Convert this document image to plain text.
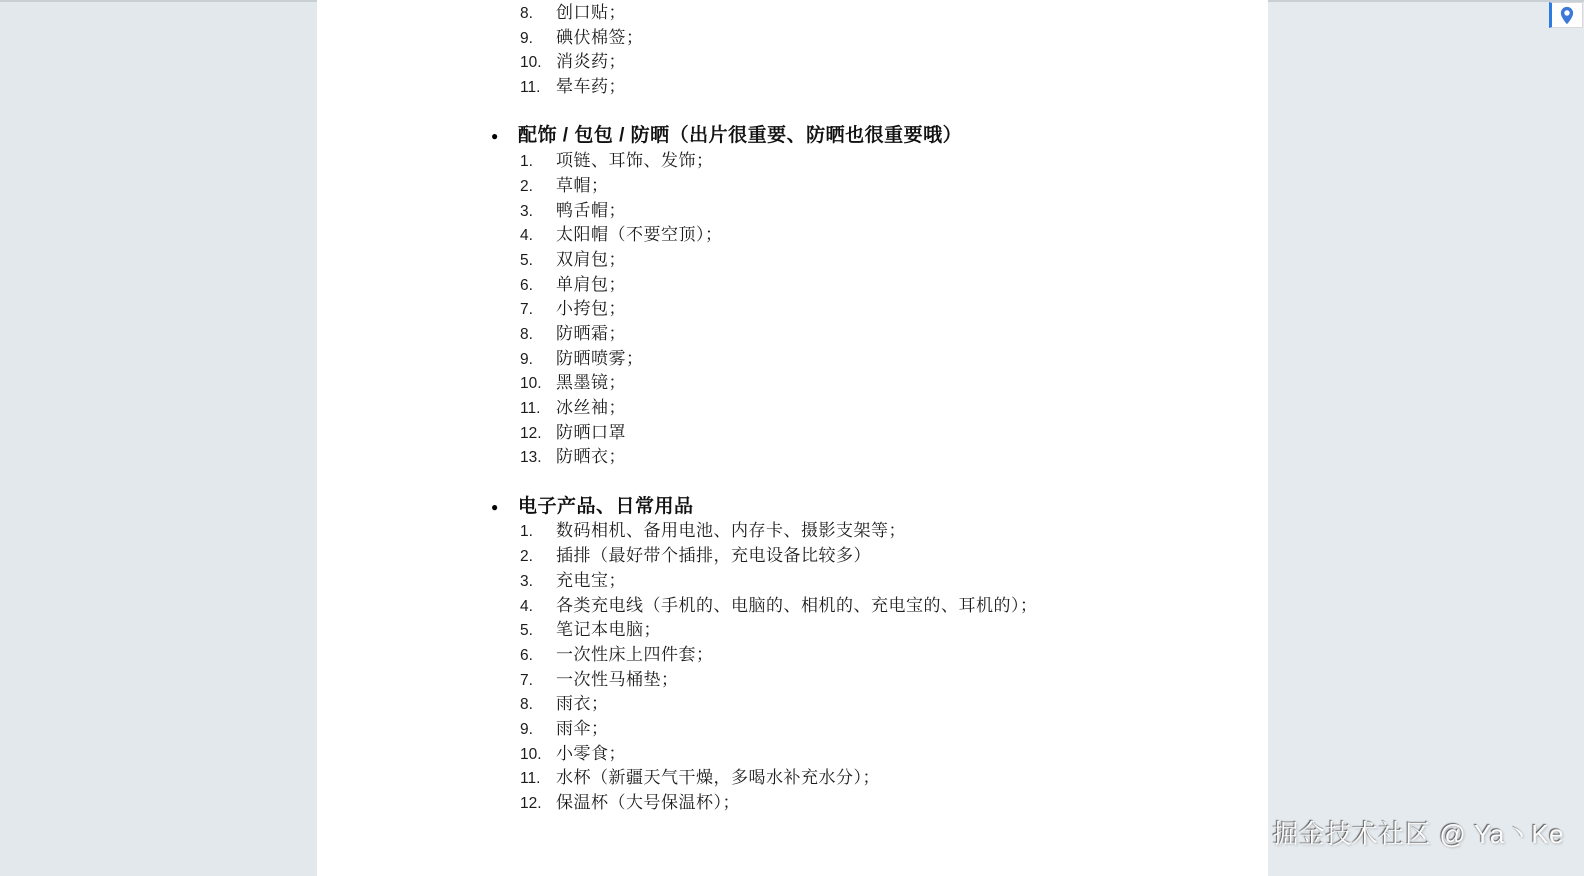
8. 创口贴；
9. 碘伏棉签；
10. 消炎药；
11. 晕车药；
● 配饰 / 包包 / 防晒（出片很重要、防晒也很重要哦）
1. 项链、耳饰、发饰；
2. 草帽；
3. 鸭舌帽；
4. 太阳帽（不要空顶）；
5. 双肩包；
6. 单肩包；
7. 小挎包；
8. 防晒霜；
9. 防晒喷雾；
10. 黑墨镜；
11. 冰丝袖；
12. 防晒口罩
13. 防晒衣；
● 电子产品、日常用品
1. 数码相机、备用电池、内存卡、摄影支架等；
2. 插排（最好带个插排，充电设备比较多）
3. 充电宝；
4. 各类充电线（手机的、电脑的、相机的、充电宝的、耳机的）；
5. 笔记本电脑；
6. 一次性床上四件套；
7. 一次性马桶垫；
8. 雨衣；
9. 雨伞；
10. 小零食；
11. 水杯（新疆天气干燥，多喝水补充水分）；
12. 保温杯（大号保温杯）；
掘金技术社区 @ Ya丶Ke
